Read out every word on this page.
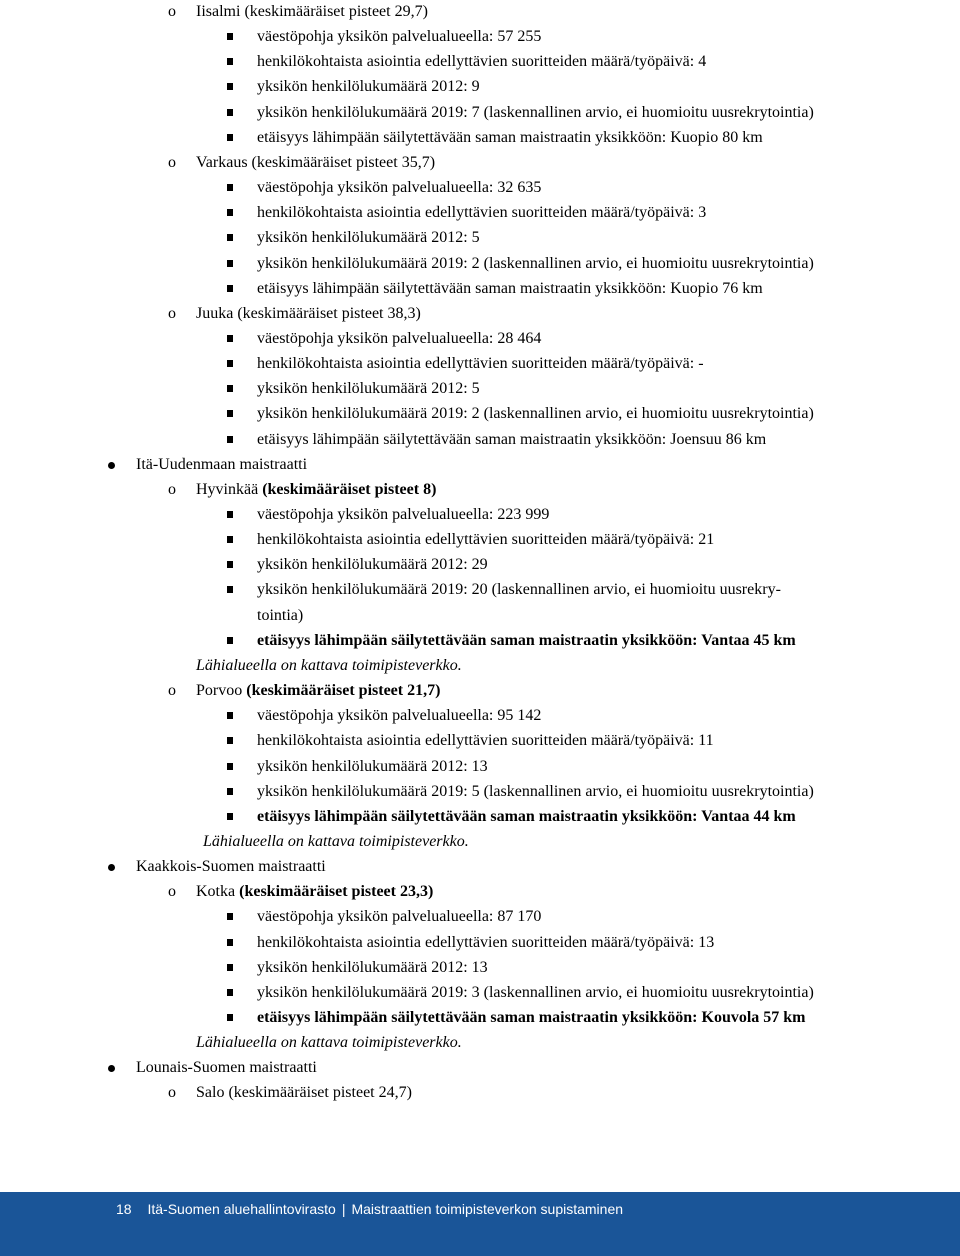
o Iisalmi (keskimääräiset pisteet 29,7)
väestöpohja yksikön palvelualueella: 57 255
henkilökohtaista asiointia edellyttävien suoritteiden määrä/työpäivä: 4
yksikön henkilölukumäärä 2012: 9
yksikön henkilölukumäärä 2019: 7 (laskennallinen arvio, ei huomioitu uusrekrytointia)
etäisyys lähimpään säilytettävään saman maistraatin yksikköön: Kuopio 80 km
o Varkaus (keskimääräiset pisteet 35,7)
väestöpohja yksikön palvelualueella: 32 635
henkilökohtaista asiointia edellyttävien suoritteiden määrä/työpäivä: 3
yksikön henkilölukumäärä 2012: 5
yksikön henkilölukumäärä 2019: 2 (laskennallinen arvio, ei huomioitu uusrekrytointia)
etäisyys lähimpään säilytettävään saman maistraatin yksikköön: Kuopio 76 km
o Juuka (keskimääräiset pisteet 38,3)
väestöpohja yksikön palvelualueella: 28 464
henkilökohtaista asiointia edellyttävien suoritteiden määrä/työpäivä: -
yksikön henkilölukumäärä 2012: 5
yksikön henkilölukumäärä 2019: 2 (laskennallinen arvio, ei huomioitu uusrekrytointia)
etäisyys lähimpään säilytettävään saman maistraatin yksikköön: Joensuu 86 km
Itä-Uudenmaan maistraatti
o Hyvinkää (keskimääräiset pisteet 8)
väestöpohja yksikön palvelualueella: 223 999
henkilökohtaista asiointia edellyttävien suoritteiden määrä/työpäivä: 21
yksikön henkilölukumäärä 2012: 29
yksikön henkilölukumäärä 2019: 20 (laskennallinen arvio, ei huomioitu uusrekry-
tointia)
etäisyys lähimpään säilytettävään saman maistraatin yksikköön: Vantaa 45 km
Lähialueella on kattava toimipisteverkko.
o Porvoo (keskimääräiset pisteet 21,7)
väestöpohja yksikön palvelualueella: 95 142
henkilökohtaista asiointia edellyttävien suoritteiden määrä/työpäivä: 11
yksikön henkilölukumäärä 2012: 13
yksikön henkilölukumäärä 2019: 5 (laskennallinen arvio, ei huomioitu uusrekrytointia)
etäisyys lähimpään säilytettävään saman maistraatin yksikköön: Vantaa 44 km
Lähialueella on kattava toimipisteverkko.
Kaakkois-Suomen maistraatti
o Kotka (keskimääräiset pisteet 23,3)
väestöpohja yksikön palvelualueella: 87 170
henkilökohtaista asiointia edellyttävien suoritteiden määrä/työpäivä: 13
yksikön henkilölukumäärä 2012: 13
yksikön henkilölukumäärä 2019: 3 (laskennallinen arvio, ei huomioitu uusrekrytointia)
etäisyys lähimpään säilytettävään saman maistraatin yksikköön: Kouvola 57 km
Lähialueella on kattava toimipisteverkko.
Lounais-Suomen maistraatti
o Salo (keskimääräiset pisteet 24,7)
18 Itä-Suomen aluehallintovirasto | Maistraattien toimipisteverkon supistaminen
